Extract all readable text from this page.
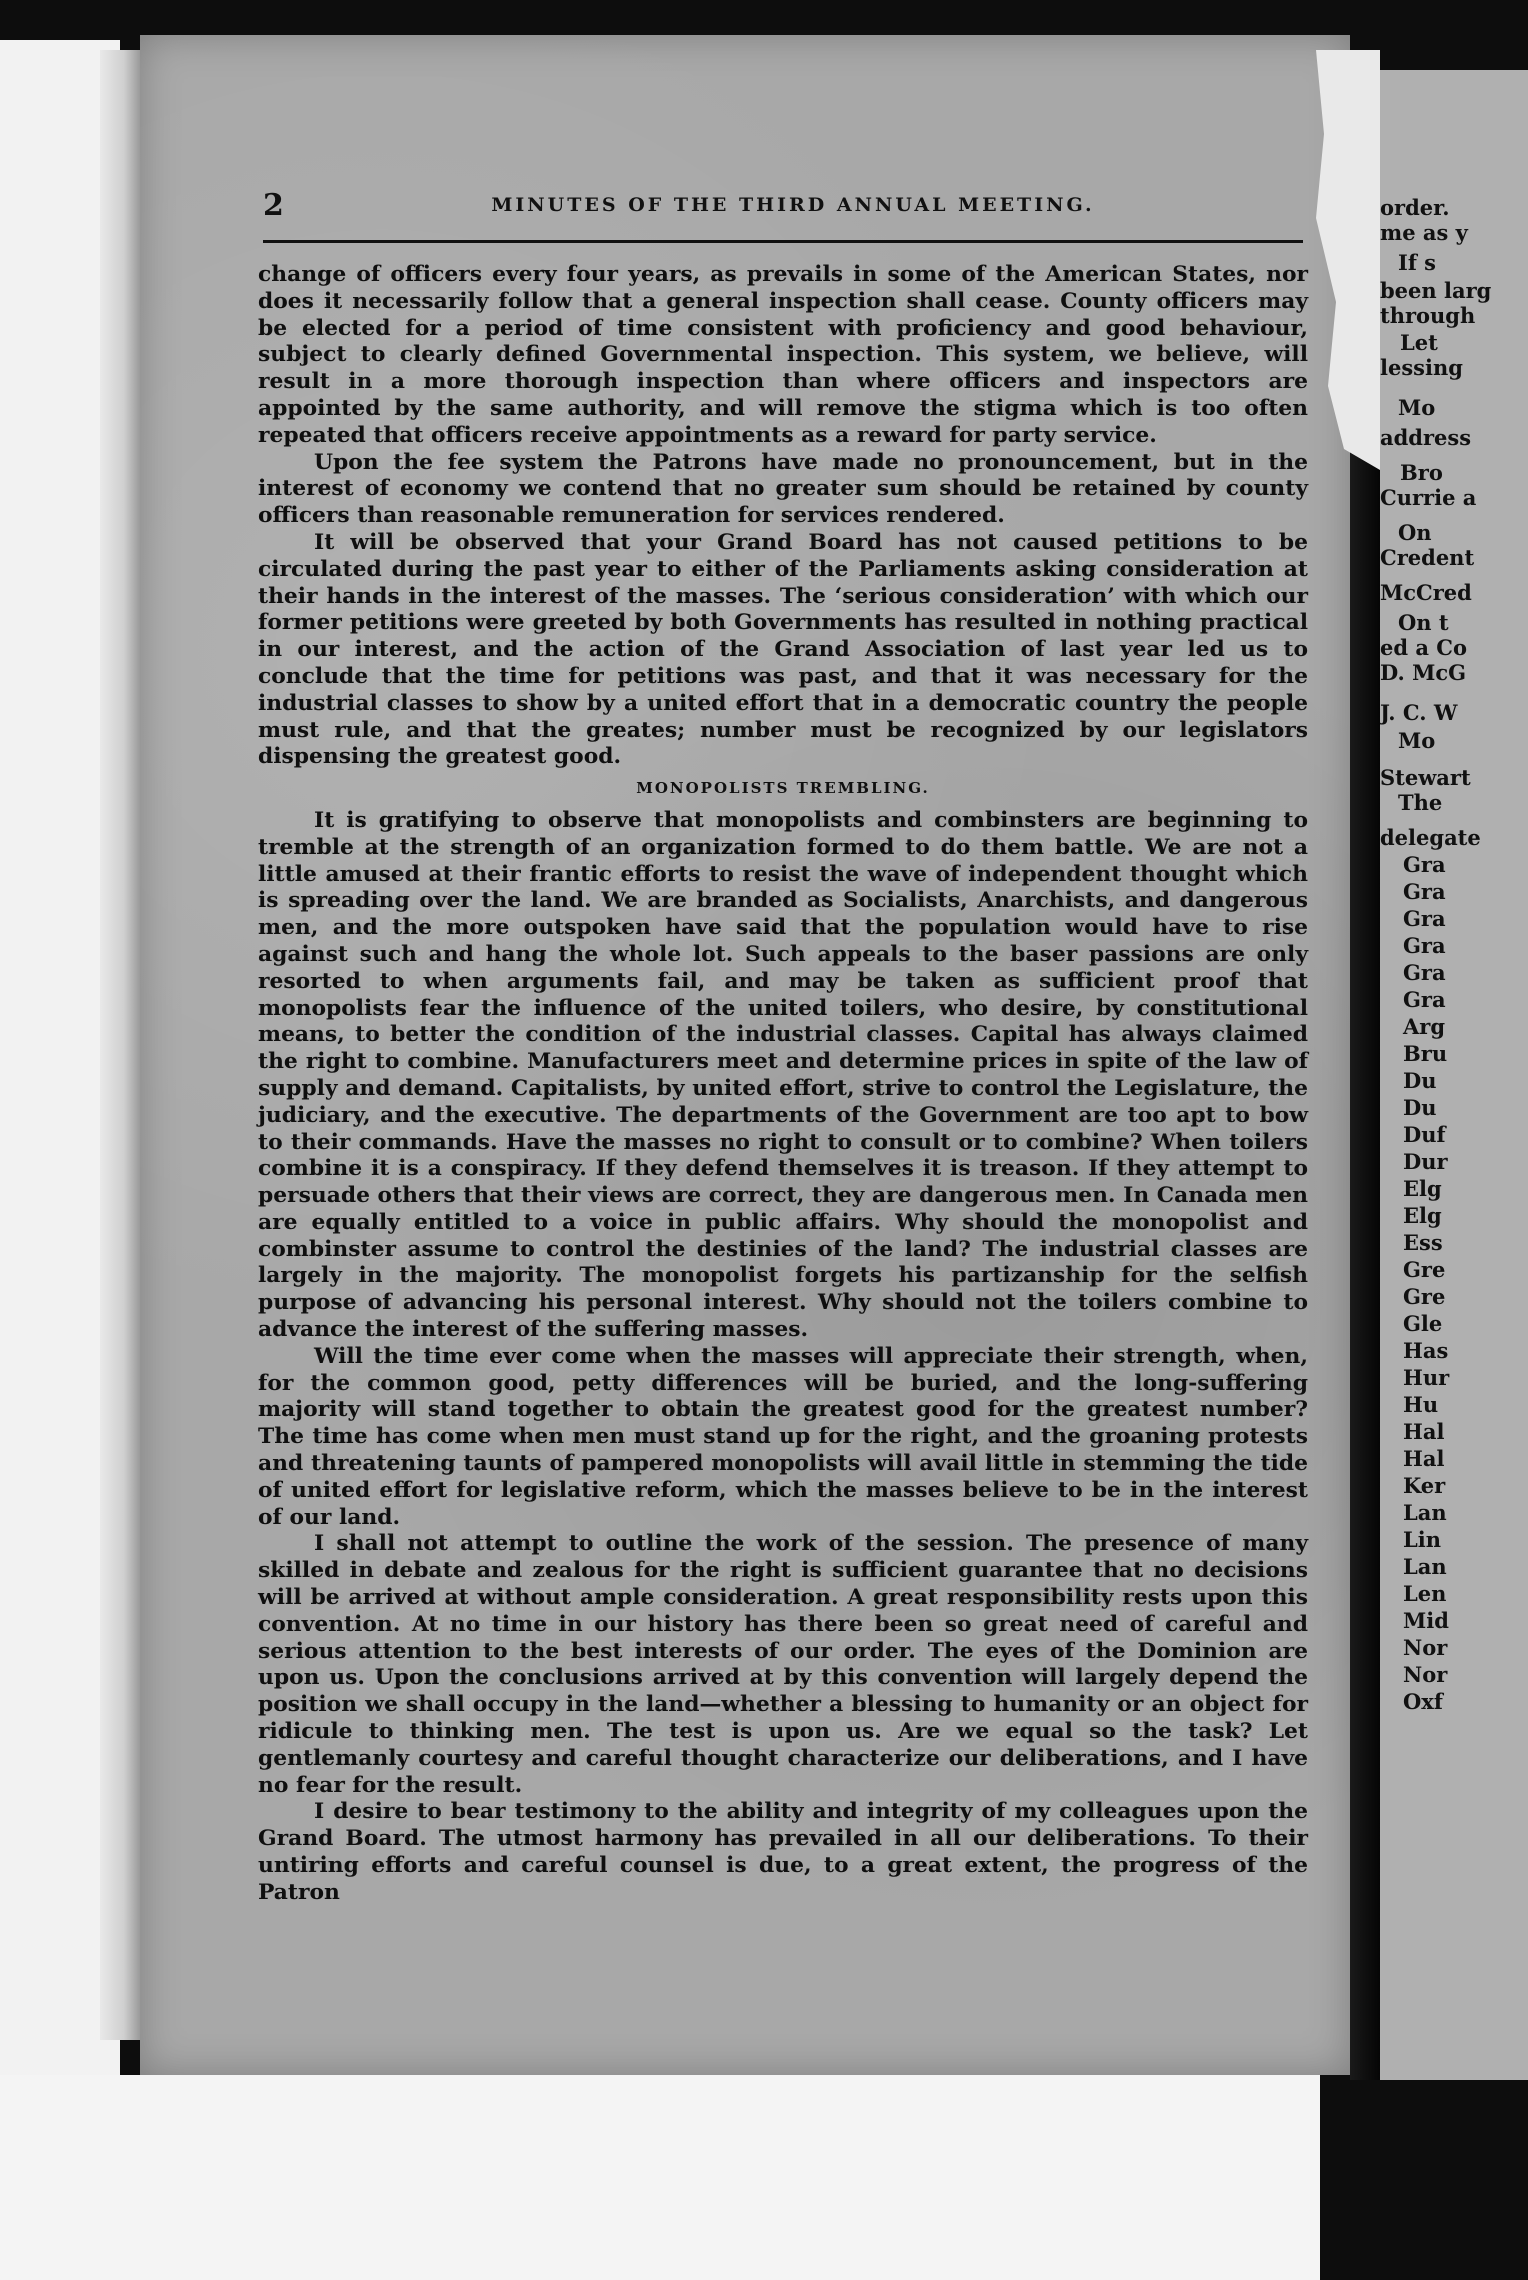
order.
me as y
If s
been larg
through
Let
lessing
Mo
address
Bro
Currie a
On
Credent
McCred
On t
ed a Co
D. McG
J. C. W
Mo
Stewart
The
delegate
Gra
Gra
Gra
Gra
Gra
Gra
Arg
Bru
Du
Du
Duf
Dur
Elg
Elg
Ess
Gre
Gre
Gle
Has
Hur
Hu
Hal
Hal
Ker
Lan
Lin
Lan
Len
Mid
Nor
Nor
Oxf
2	MINUTES OF THE THIRD ANNUAL MEETING.

change of officers every four years, as prevails in some of the American States, nor does it necessarily follow that a general inspection shall cease. County officers may be elected for a period of time consistent with proficiency and good behaviour, subject to clearly defined Governmental inspection. This system, we believe, will result in a more thorough inspection than where officers and inspectors are appointed by the same authority, and will remove the stigma which is too often repeated that officers receive appointments as a reward for party service.

Upon the fee system the Patrons have made no pronouncement, but in the interest of economy we contend that no greater sum should be retained by county officers than reasonable remuneration for services rendered.

It will be observed that your Grand Board has not caused petitions to be circulated during the past year to either of the Parliaments asking consideration at their hands in the interest of the masses. The ‘serious consideration’ with which our former petitions were greeted by both Governments has resulted in nothing practical in our interest, and the action of the Grand Association of last year led us to conclude that the time for petitions was past, and that it was necessary for the industrial classes to show by a united effort that in a democratic country the people must rule, and that the greates; number must be recognized by our legislators dispensing the greatest good.

MONOPOLISTS TREMBLING.

It is gratifying to observe that monopolists and combinsters are beginning to tremble at the strength of an organization formed to do them battle. We are not a little amused at their frantic efforts to resist the wave of independent thought which is spreading over the land. We are branded as Socialists, Anarchists, and dangerous men, and the more outspoken have said that the population would have to rise against such and hang the whole lot. Such appeals to the baser passions are only resorted to when arguments fail, and may be taken as sufficient proof that monopolists fear the influence of the united toilers, who desire, by constitutional means, to better the condition of the industrial classes. Capital has always claimed the right to combine. Manufacturers meet and determine prices in spite of the law of supply and demand. Capitalists, by united effort, strive to control the Legislature, the judiciary, and the executive. The departments of the Government are too apt to bow to their commands. Have the masses no right to consult or to combine? When toilers combine it is a conspiracy. If they defend themselves it is treason. If they attempt to persuade others that their views are correct, they are dangerous men. In Canada men are equally entitled to a voice in public affairs. Why should the monopolist and combinster assume to control the destinies of the land? The industrial classes are largely in the majority. The monopolist forgets his partizanship for the selfish purpose of advancing his personal interest. Why should not the toilers combine to advance the interest of the suffering masses.

Will the time ever come when the masses will appreciate their strength, when, for the common good, petty differences will be buried, and the long-suffering majority will stand together to obtain the greatest good for the greatest number? The time has come when men must stand up for the right, and the groaning protests and threatening taunts of pampered monopolists will avail little in stemming the tide of united effort for legislative reform, which the masses believe to be in the interest of our land.

I shall not attempt to outline the work of the session. The presence of many skilled in debate and zealous for the right is sufficient guarantee that no decisions will be arrived at without ample consideration. A great responsibility rests upon this convention. At no time in our history has there been so great need of careful and serious attention to the best interests of our order. The eyes of the Dominion are upon us. Upon the conclusions arrived at by this convention will largely depend the position we shall occupy in the land—whether a blessing to humanity or an object for ridicule to thinking men. The test is upon us. Are we equal so the task? Let gentlemanly courtesy and careful thought characterize our deliberations, and I have no fear for the result.

I desire to bear testimony to the ability and integrity of my colleagues upon the Grand Board. The utmost harmony has prevailed in all our deliberations. To their untiring efforts and careful counsel is due, to a great extent, the progress of the Patron
